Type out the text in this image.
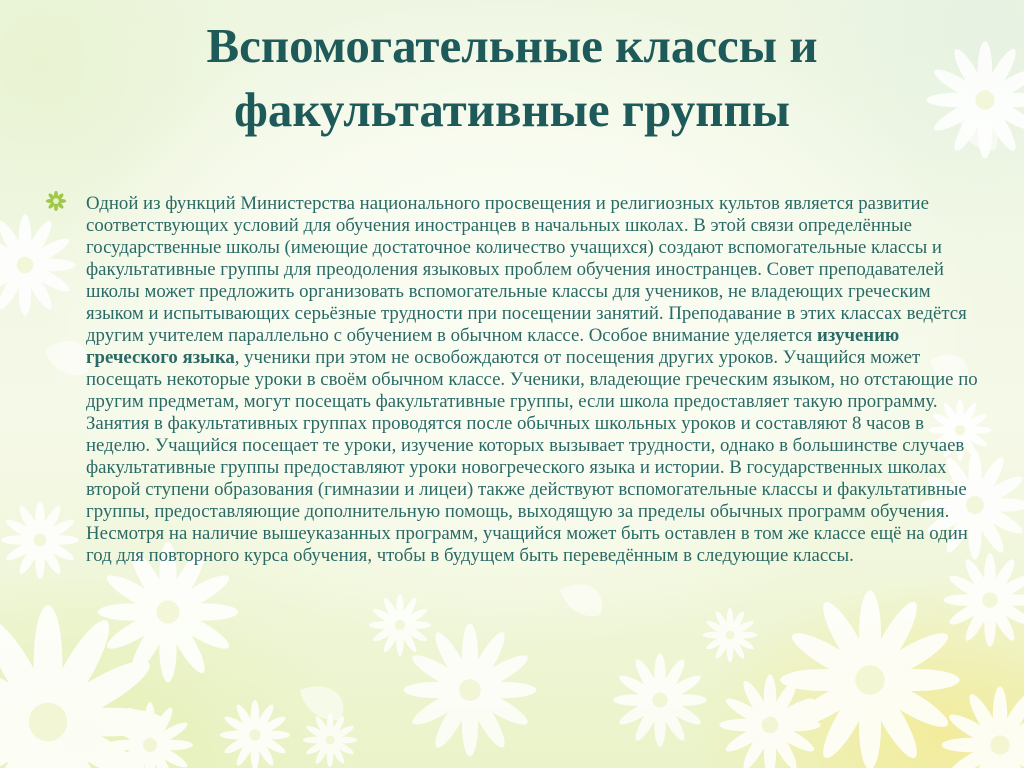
Вспомогательные классы и
факультативные группы

Одной из функций Министерства национального просвещения и религиозных культов является развитие соответствующих условий для обучения иностранцев в начальных школах. В этой связи определённые государственные школы (имеющие достаточное количество учащихся) создают вспомогательные классы и факультативные группы для преодоления языковых проблем обучения иностранцев. Совет преподавателей школы может предложить организовать вспомогательные классы для учеников, не владеющих греческим языком и испытывающих серьёзные трудности при посещении занятий. Преподавание в этих классах ведётся другим учителем параллельно с обучением в обычном классе. Особое внимание уделяется изучению греческого языка, ученики при этом не освобождаются от посещения других уроков. Учащийся может посещать некоторые уроки в своём обычном классе. Ученики, владеющие греческим языком, но отстающие по другим предметам, могут посещать факультативные группы, если школа предоставляет такую программу. Занятия в факультативных группах проводятся после обычных школьных уроков и составляют 8 часов в неделю. Учащийся посещает те уроки, изучение которых вызывает трудности, однако в большинстве случаев факультативные группы предоставляют уроки новогреческого языка и истории. В государственных школах второй ступени образования (гимназии и лицеи) также действуют вспомогательные классы и факультативные группы, предоставляющие дополнительную помощь, выходящую за пределы обычных программ обучения. Несмотря на наличие вышеуказанных программ, учащийся может быть оставлен в том же классе ещё на один год для повторного курса обучения, чтобы в будущем быть переведённым в следующие классы.
